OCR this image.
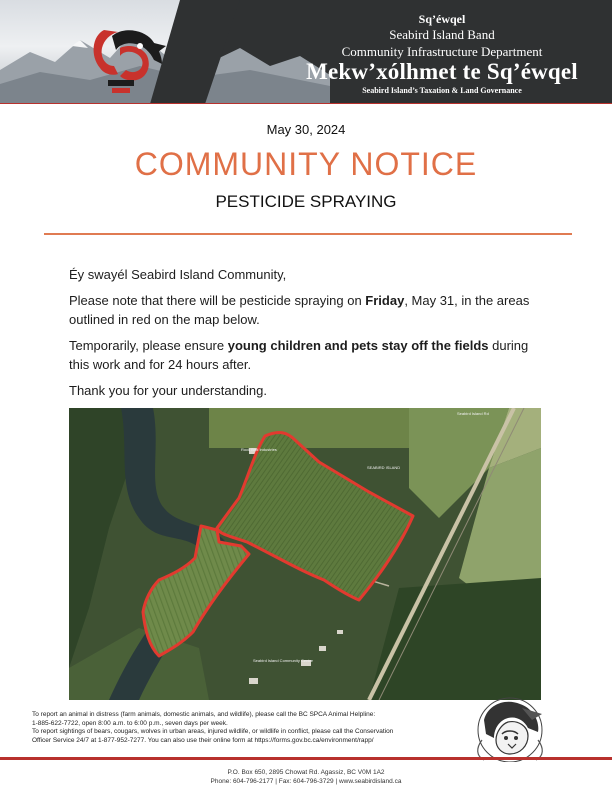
Sq’éwqel
Seabird Island Band
Community Infrastructure Department
Mekw’xólhmet te Sq’éwqel
Seabird Island’s Taxation & Land Governance
May 30, 2024
COMMUNITY NOTICE
PESTICIDE SPRAYING
Éy swayél Seabird Island Community,
Please note that there will be pesticide spraying on Friday, May 31, in the areas outlined in red on the map below.
Temporarily, please ensure young children and pets stay off the fields during this work and for 24 hours after.
Thank you for your understanding.
SEABIRD ISLAND
Seabird Island Rd
Rock Bird Industries
Seabird Island Community Centre
To report an animal in distress (farm animals, domestic animals, and wildlife), please call the BC SPCA Animal Helpline:
1-885-622-7722, open 8:00 a.m. to 6:00 p.m., seven days per week.
To report sightings of bears, cougars, wolves in urban areas, injured wildlife, or wildlife in conflict, please call the Conservation
Officer Service 24/7 at 1-877-952-7277. You can also use their online form at https://forms.gov.bc.ca/environment/rapp/
P.O. Box 650, 2895 Chowat Rd. Agassiz, BC V0M 1A2
Phone: 604-796-2177 | Fax: 604-796-3729 | www.seabirdisland.ca
